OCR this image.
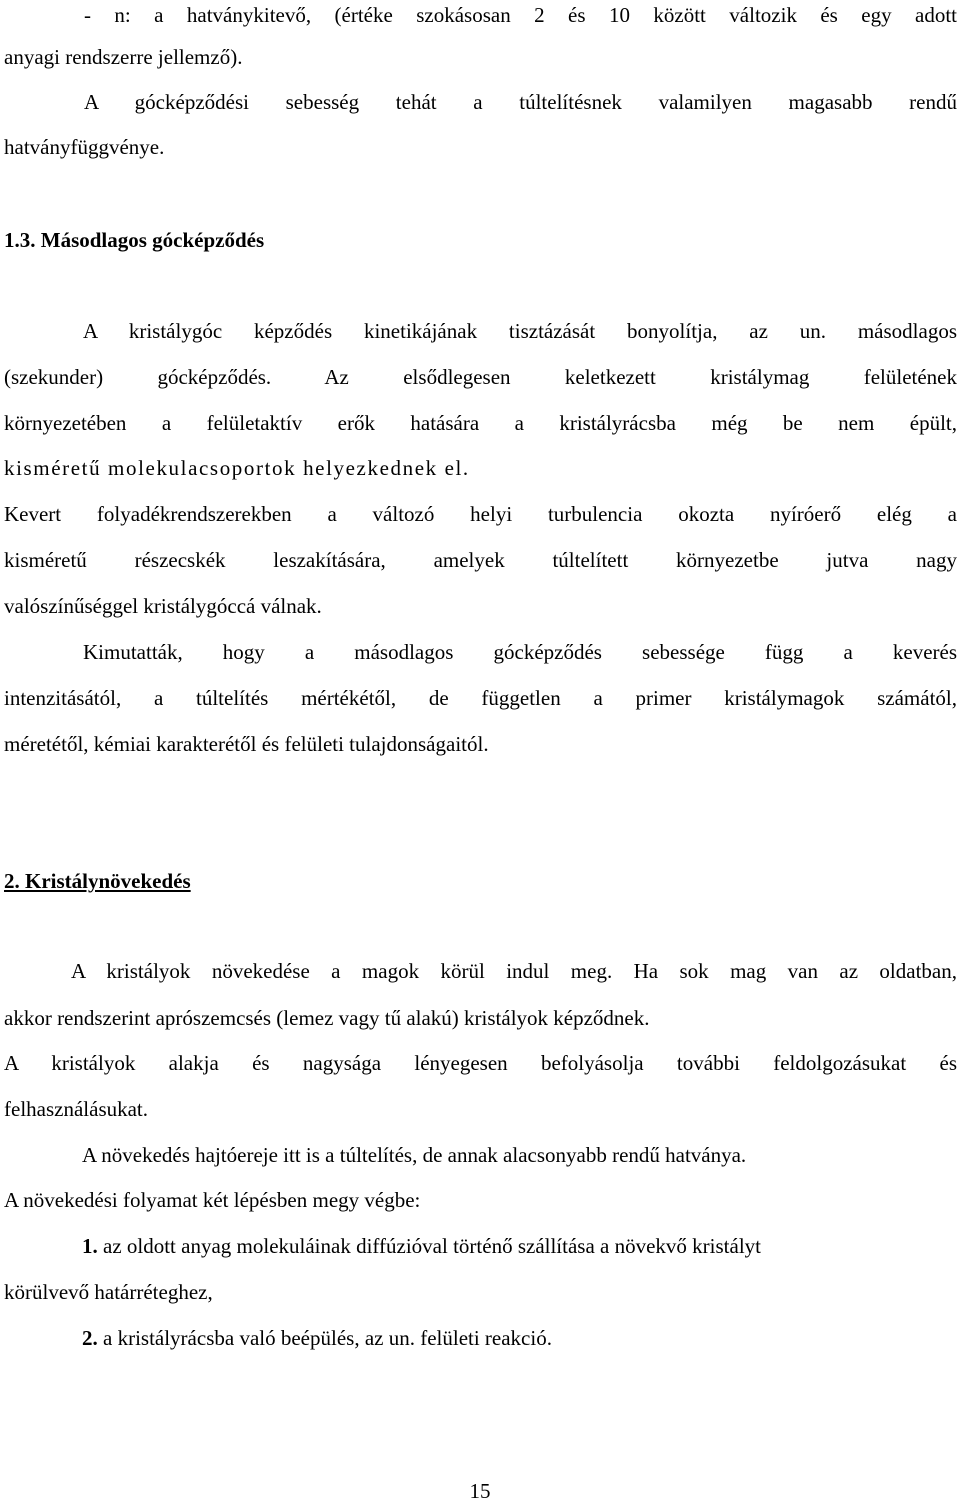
- n: a hatványkitevő, (értéke szokásosan 2 és 10 között változik és egy adott
anyagi rendszerre jellemző).
A gócképződési sebesség tehát a túltelítésnek valamilyen magasabb rendű
hatványfüggvénye.
1.3. Másodlagos gócképződés
A kristálygóc képződés kinetikájának tisztázását bonyolítja, az un. másodlagos
(szekunder) gócképződés. Az elsődlegesen keletkezett kristálymag felületének
környezetében a felületaktív erők hatására a kristályrácsba még be nem épült,
kisméretű molekulacsoportok helyezkednek el.
Kevert folyadékrendszerekben a változó helyi turbulencia okozta nyíróerő elég a
kisméretű részecskék leszakítására, amelyek túltelített környezetbe jutva nagy
valószínűséggel kristálygóccá válnak.
Kimutatták, hogy a másodlagos gócképződés sebessége függ a keverés
intenzitásától, a túltelítés mértékétől, de független a primer kristálymagok számától,
méretétől, kémiai karakterétől és felületi tulajdonságaitól.
2. Kristálynövekedés
A kristályok növekedése a magok körül indul meg. Ha sok mag van az oldatban,
akkor rendszerint aprószemcsés (lemez vagy tű alakú) kristályok képződnek.
A kristályok alakja és nagysága lényegesen befolyásolja további feldolgozásukat és
felhasználásukat.
A növekedés hajtóereje itt is a túltelítés, de annak alacsonyabb rendű hatványa.
A növekedési folyamat két lépésben megy végbe:
1. az oldott anyag molekuláinak diffúzióval történő szállítása a növekvő kristályt
körülvevő határréteghez,
2. a kristályrácsba való beépülés, az un. felületi reakció.
15
